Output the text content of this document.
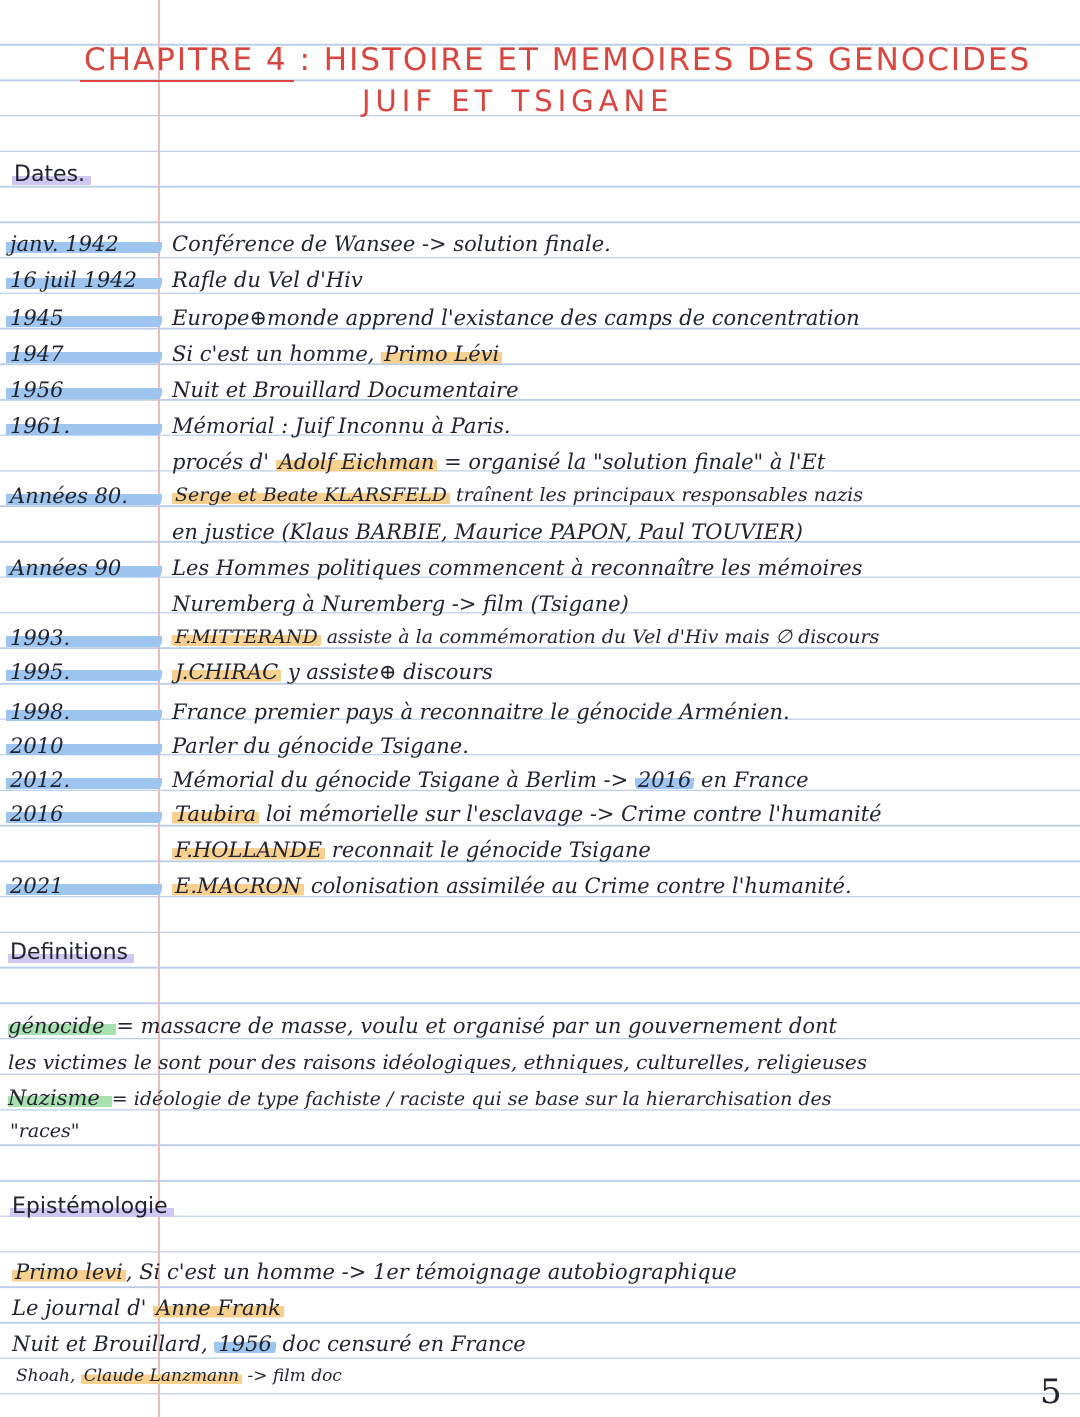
CHAPITRE 4 : HISTOIRE ET MEMOIRES DES GENOCIDES
JUIF ET TSIGANE
Dates.
janv. 1942	Conférence de Wansee -> solution finale.
16 juil 1942	Rafle du Vel d'Hiv
1945	Europe⊕monde apprend l'existance des camps de concentration
1947	Si c'est un homme, Primo Lévi
1956	Nuit et Brouillard Documentaire
1961.	Mémorial : Juif Inconnu à Paris.
procés d' Adolf Eichman = organisé la "solution finale" à l'Et
Années 80.	Serge et Beate KLARSFELD traînent les principaux responsables nazis
en justice (Klaus BARBIE, Maurice PAPON, Paul TOUVIER)
Années 90	Les Hommes politiques commencent à reconnaître les mémoires
Nuremberg à Nuremberg -> film (Tsigane)
1993.	F.MITTERAND assiste à la commémoration du Vel d'Hiv mais ∅ discours
1995.	J.CHIRAC y assiste⊕ discours
1998.	France premier pays à reconnaitre le génocide Arménien.
2010	Parler du génocide Tsigane.
2012.	Mémorial du génocide Tsigane à Berlim -> 2016 en France
2016	Taubira loi mémorielle sur l'esclavage -> Crime contre l'humanité
F.HOLLANDE reconnait le génocide Tsigane
2021	E.MACRON colonisation assimilée au Crime contre l'humanité.
Definitions
génocide = massacre de masse, voulu et organisé par un gouvernement dont
les victimes le sont pour des raisons idéologiques, ethniques, culturelles, religieuses
Nazisme = idéologie de type fachiste / raciste qui se base sur la hierarchisation des
"races"
Epistémologie
Primo levi , Si c'est un homme -> 1er témoignage autobiographique
Le journal d' Anne Frank
Nuit et Brouillard, 1956 doc censuré en France
Shoah, Claude Lanzmann -> film doc	5
